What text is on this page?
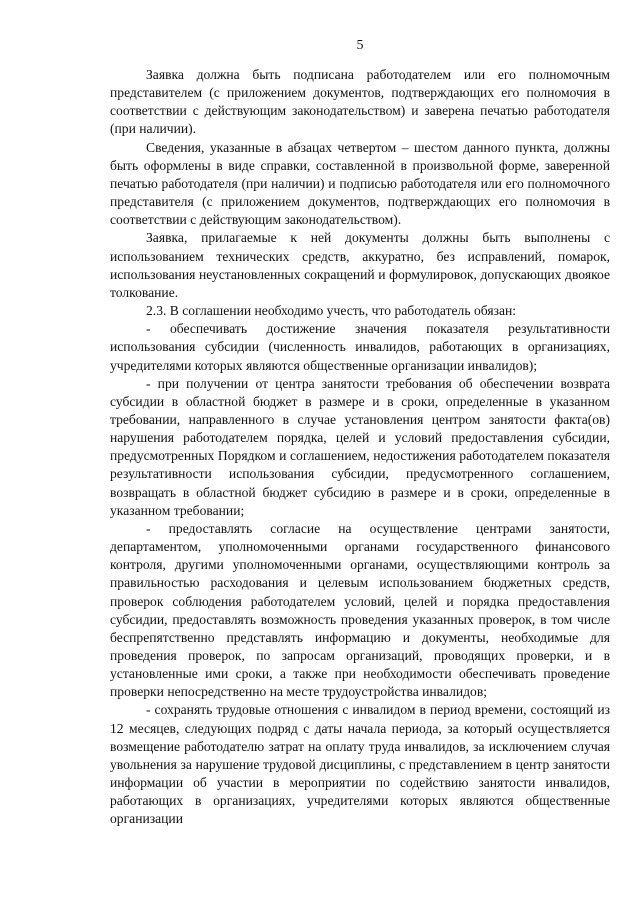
5

Заявка должна быть подписана работодателем или его полномочным представителем (с приложением документов, подтверждающих его полномочия в соответствии с действующим законодательством) и заверена печатью работодателя (при наличии).

Сведения, указанные в абзацах четвертом – шестом данного пункта, должны быть оформлены в виде справки, составленной в произвольной форме, заверенной печатью работодателя (при наличии) и подписью работодателя или его полномочного представителя (с приложением документов, подтверждающих его полномочия в соответствии с действующим законодательством).

Заявка, прилагаемые к ней документы должны быть выполнены с использованием технических средств, аккуратно, без исправлений, помарок, использования неустановленных сокращений и формулировок, допускающих двоякое толкование.

2.3. В соглашении необходимо учесть, что работодатель обязан:

- обеспечивать достижение значения показателя результативности использования субсидии (численность инвалидов, работающих в организациях, учредителями которых являются общественные организации инвалидов);

- при получении от центра занятости требования об обеспечении возврата субсидии в областной бюджет в размере и в сроки, определенные в указанном требовании, направленного в случае установления центром занятости факта(ов) нарушения работодателем порядка, целей и условий предоставления субсидии, предусмотренных Порядком и соглашением, недостижения работодателем показателя результативности использования субсидии, предусмотренного соглашением, возвращать в областной бюджет субсидию в размере и в сроки, определенные в указанном требовании;

- предоставлять согласие на осуществление центрами занятости, департаментом, уполномоченными органами государственного финансового контроля, другими уполномоченными органами, осуществляющими контроль за правильностью расходования и целевым использованием бюджетных средств, проверок соблюдения работодателем условий, целей и порядка предоставления субсидии, предоставлять возможность проведения указанных проверок, в том числе беспрепятственно представлять информацию и документы, необходимые для проведения проверок, по запросам организаций, проводящих проверки, и в установленные ими сроки, а также при необходимости обеспечивать проведение проверки непосредственно на месте трудоустройства инвалидов;

- сохранять трудовые отношения с инвалидом в период времени, состоящий из 12 месяцев, следующих подряд с даты начала периода, за который осуществляется возмещение работодателю затрат на оплату труда инвалидов, за исключением случая увольнения за нарушение трудовой дисциплины, с представлением в центр занятости информации об участии в мероприятии по содействию занятости инвалидов, работающих в организациях, учредителями которых являются общественные организации
